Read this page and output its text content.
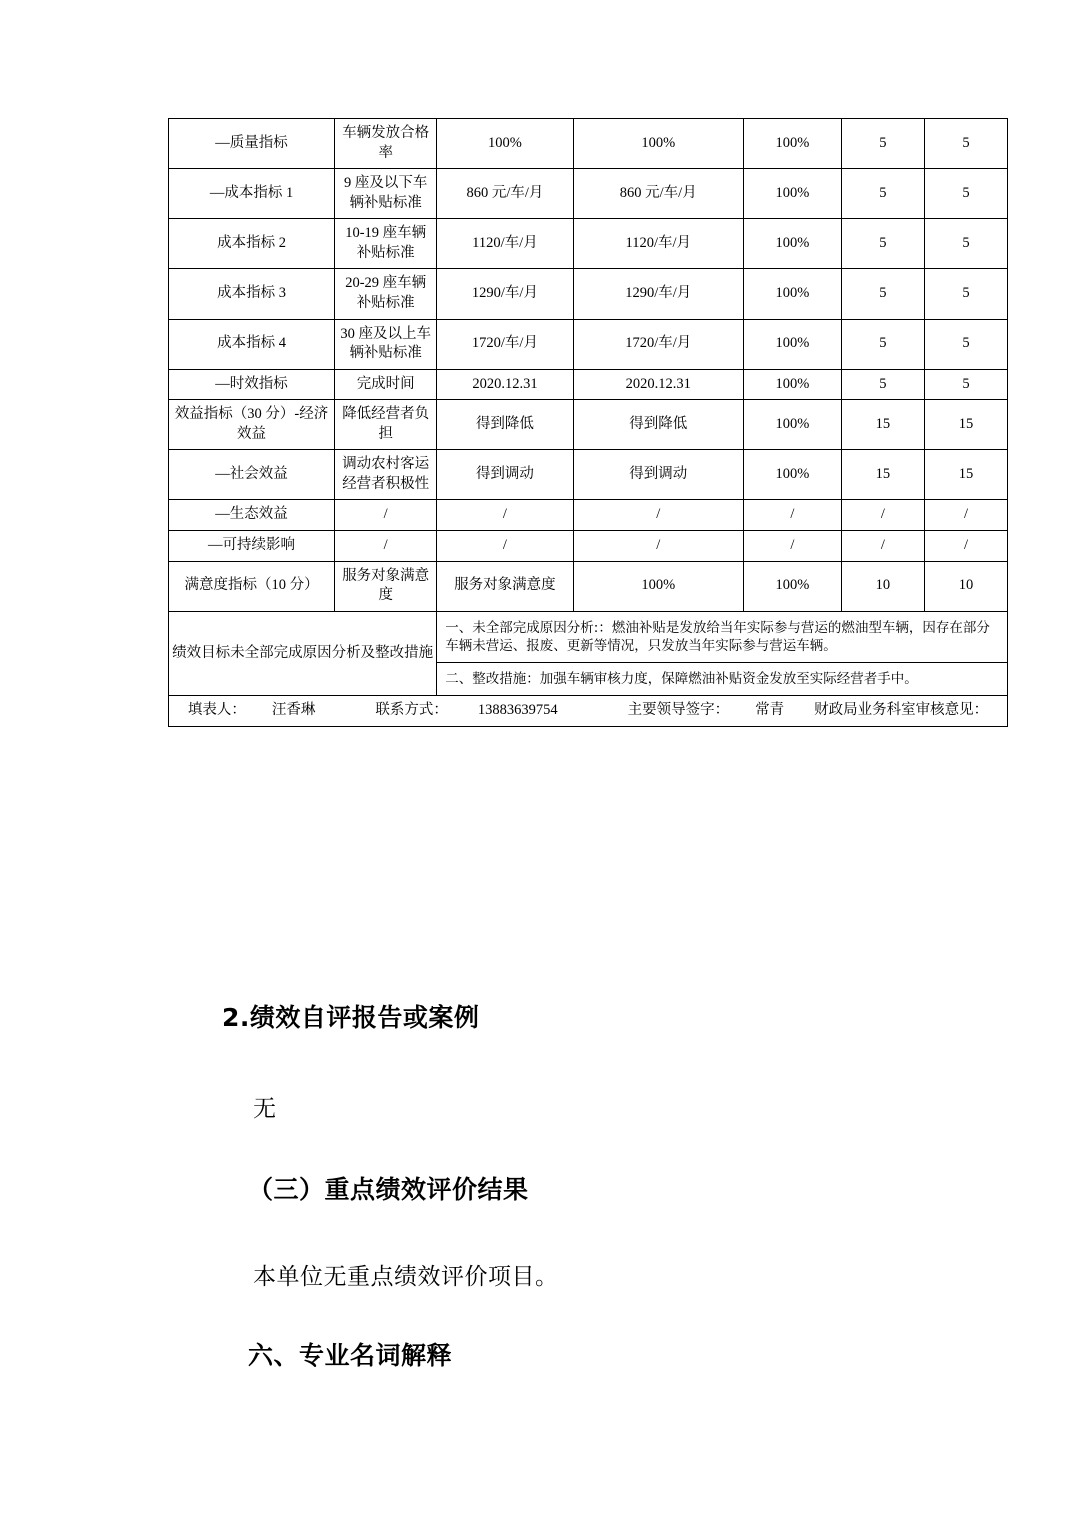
—质量指标	车辆发放合格率	100%	100%	100%	5	5
—成本指标 1	9 座及以下车辆补贴标准	860 元/车/月	860 元/车/月	100%	5	5
成本指标 2	10-19 座车辆补贴标准	1120/车/月	1120/车/月	100%	5	5
成本指标 3	20-29 座车辆补贴标准	1290/车/月	1290/车/月	100%	5	5
成本指标 4	30 座及以上车辆补贴标准	1720/车/月	1720/车/月	100%	5	5
—时效指标	完成时间	2020.12.31	2020.12.31	100%	5	5
效益指标（30 分）-经济效益	降低经营者负担	得到降低	得到降低	100%	15	15
—社会效益	调动农村客运经营者积极性	得到调动	得到调动	100%	15	15
—生态效益	/	/	/	/	/	/
—可持续影响	/	/	/	/	/	/
满意度指标（10 分）	服务对象满意度	服务对象满意度	100%	100%	10	10
绩效目标未全部完成原因分析及整改措施		一、未全部完成原因分析:：燃油补贴是发放给当年实际参与营运的燃油型车辆，因存在部分车辆未营运、报废、更新等情况，只发放当年实际参与营运车辆。				
		二、整改措施：加强车辆审核力度，保障燃油补贴资金发放至实际经营者手中。				
填表人： 汪香琳 联系方式： 13883639754 主要领导签字： 常青 财政局业务科室审核意见：						
2.绩效自评报告或案例
无
（三）重点绩效评价结果
本单位无重点绩效评价项目。
六、专业名词解释
